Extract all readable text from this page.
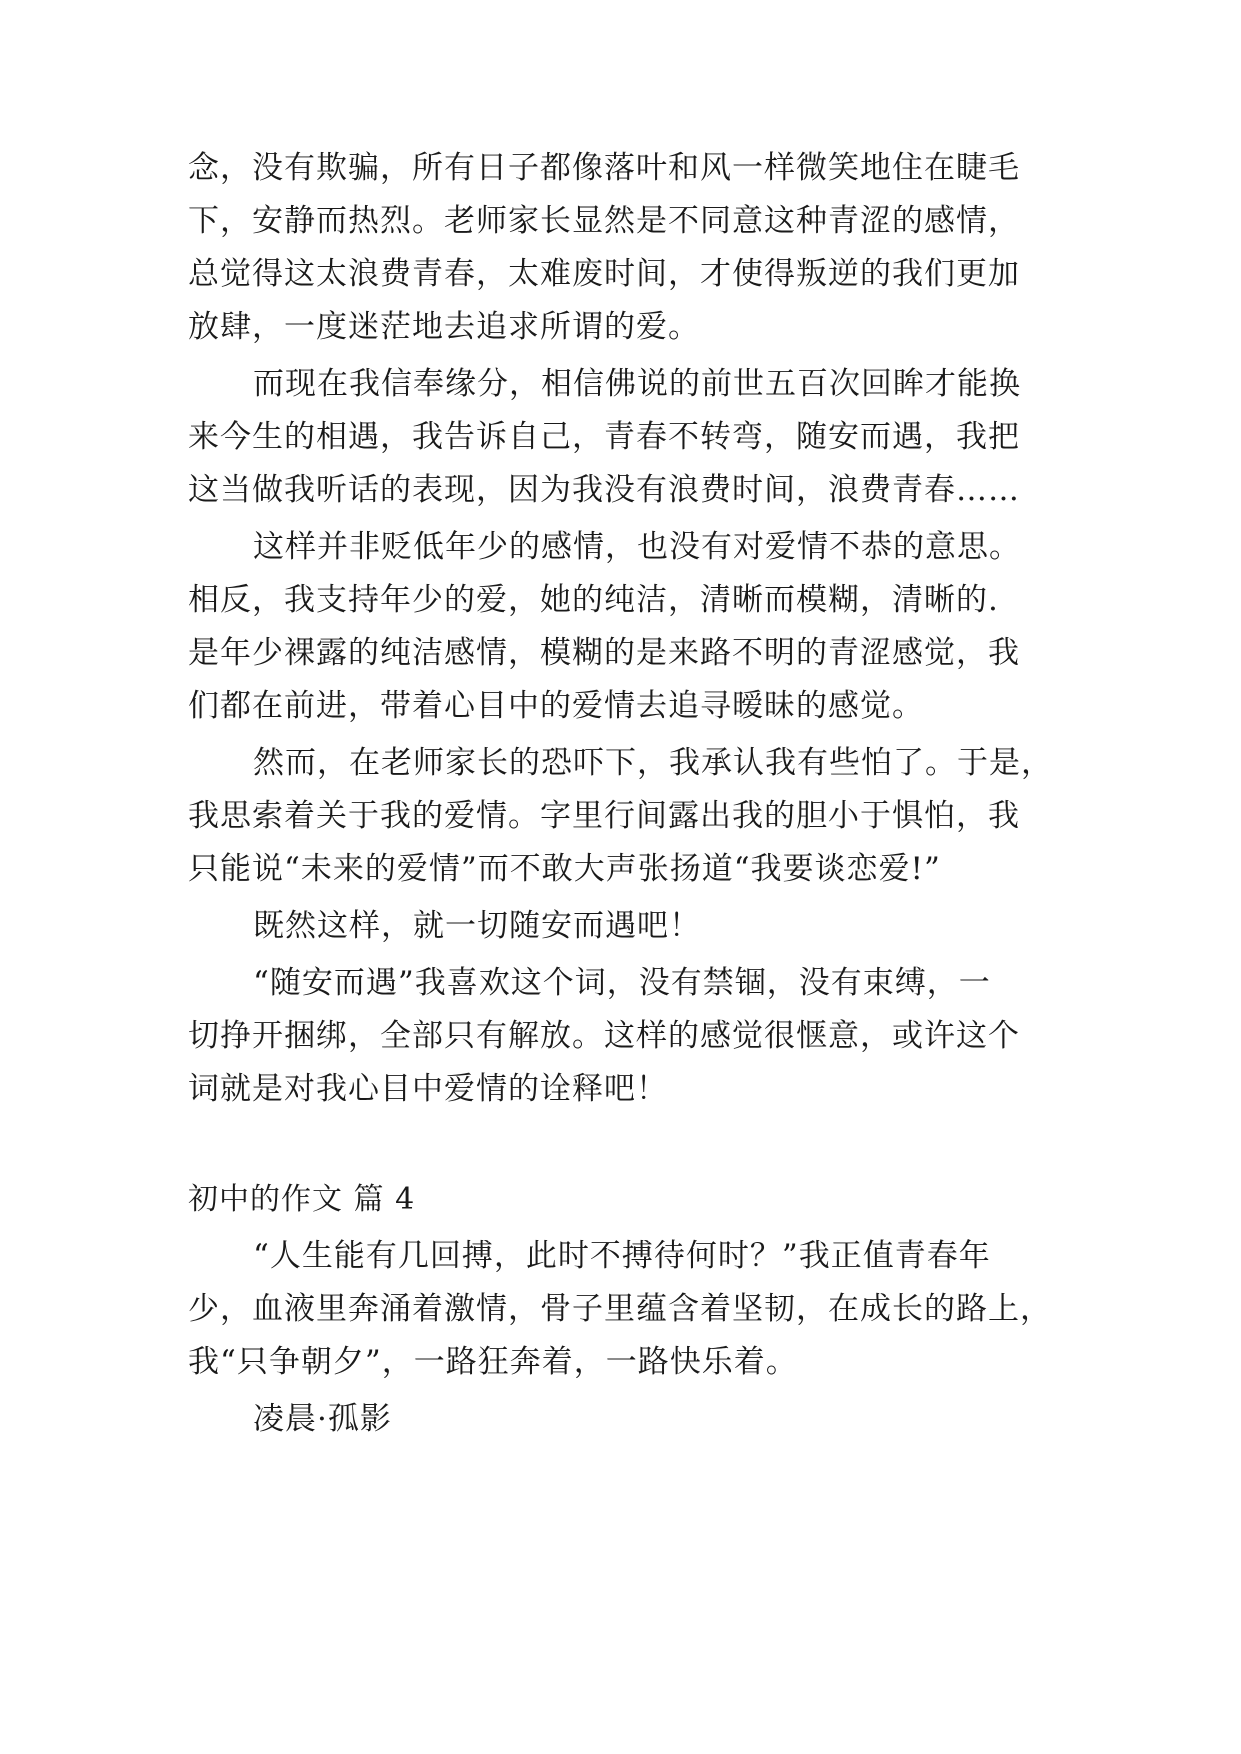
念，没有欺骗，所有日子都像落叶和风一样微笑地住在睫毛
下，安静而热烈。老师家长显然是不同意这种青涩的感情，
总觉得这太浪费青春，太难废时间，才使得叛逆的我们更加
放肆，一度迷茫地去追求所谓的爱。
而现在我信奉缘分，相信佛说的前世五百次回眸才能换
来今生的相遇，我告诉自己，青春不转弯，随安而遇，我把
这当做我听话的表现，因为我没有浪费时间，浪费青春……
这样并非贬低年少的感情，也没有对爱情不恭的意思。
相反，我支持年少的爱，她的纯洁，清晰而模糊，清晰的.
是年少裸露的纯洁感情，模糊的是来路不明的青涩感觉，我
们都在前进，带着心目中的爱情去追寻暧昧的感觉。
然而，在老师家长的恐吓下，我承认我有些怕了。于是，
我思索着关于我的爱情。字里行间露出我的胆小于惧怕，我
只能说“未来的爱情”而不敢大声张扬道“我要谈恋爱!”
既然这样，就一切随安而遇吧！
“随安而遇”我喜欢这个词，没有禁锢，没有束缚，一
切挣开捆绑，全部只有解放。这样的感觉很惬意，或许这个
词就是对我心目中爱情的诠释吧！
初中的作文 篇 4
“人生能有几回搏，此时不搏待何时？”我正值青春年
少，血液里奔涌着激情，骨子里蕴含着坚韧，在成长的路上，
我“只争朝夕”，一路狂奔着，一路快乐着。
凌晨·孤影
